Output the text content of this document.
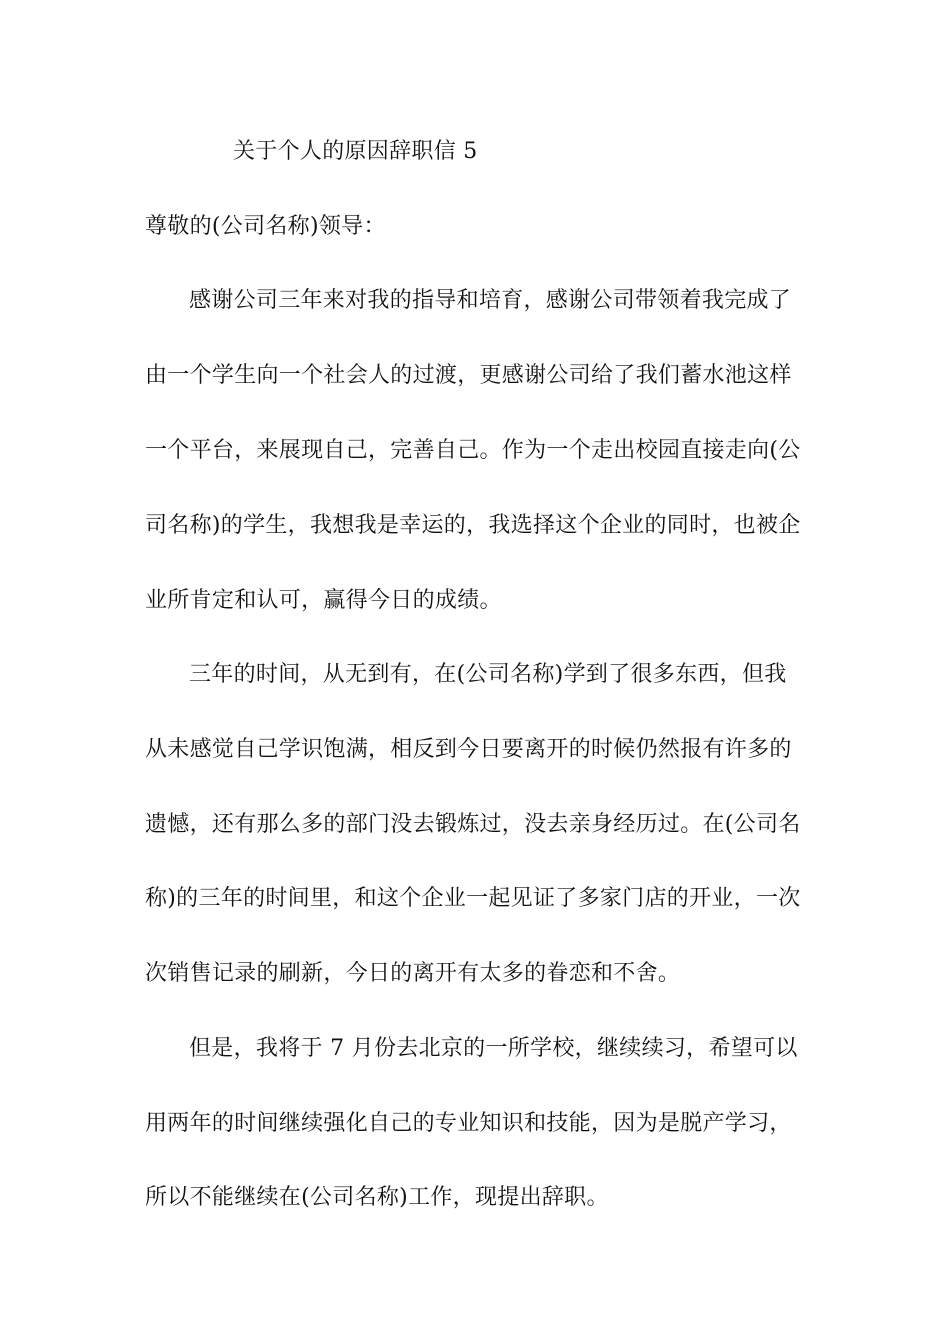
关于个人的原因辞职信 5
尊敬的(公司名称)领导：
感谢公司三年来对我的指导和培育，感谢公司带领着我完成了
由一个学生向一个社会人的过渡，更感谢公司给了我们蓄水池这样
一个平台，来展现自己，完善自己。作为一个走出校园直接走向(公
司名称)的学生，我想我是幸运的，我选择这个企业的同时，也被企
业所肯定和认可，赢得今日的成绩。
三年的时间，从无到有，在(公司名称)学到了很多东西，但我
从未感觉自己学识饱满，相反到今日要离开的时候仍然报有许多的
遗憾，还有那么多的部门没去锻炼过，没去亲身经历过。在(公司名
称)的三年的时间里，和这个企业一起见证了多家门店的开业，一次
次销售记录的刷新，今日的离开有太多的眷恋和不舍。
但是，我将于 7 月份去北京的一所学校，继续续习，希望可以
用两年的时间继续强化自己的专业知识和技能，因为是脱产学习，
所以不能继续在(公司名称)工作，现提出辞职。
